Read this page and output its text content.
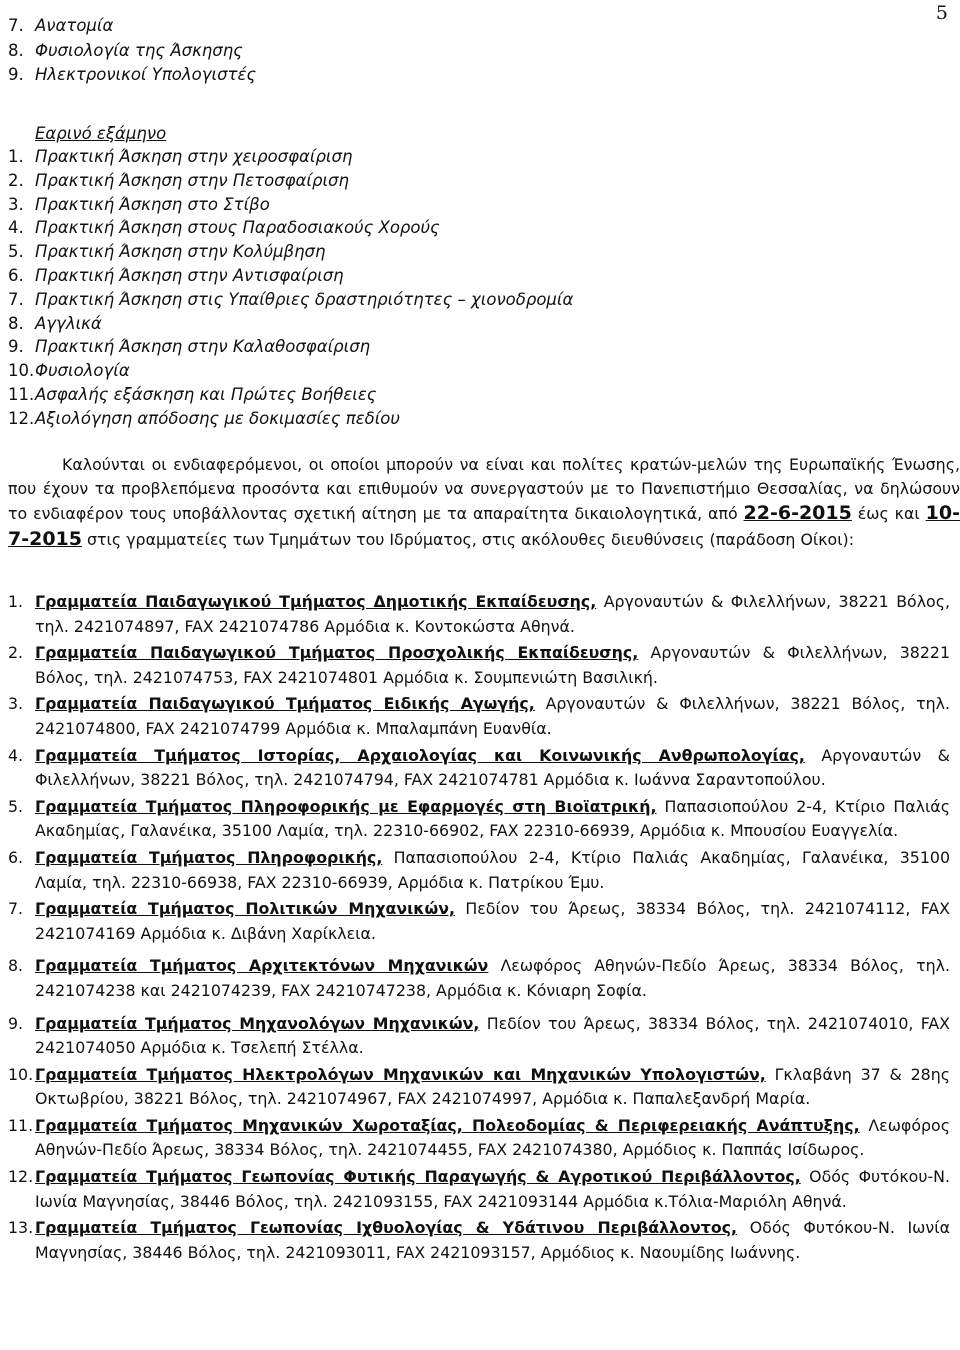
5
7. Ανατομία
8. Φυσιολογία της Άσκησης
9. Ηλεκτρονικοί Υπολογιστές
Εαρινό εξάμηνο
1. Πρακτική Άσκηση στην χειροσφαίριση
2. Πρακτική Άσκηση στην Πετοσφαίριση
3. Πρακτική Άσκηση στο Στίβο
4. Πρακτική Άσκηση στους Παραδοσιακούς Χορούς
5. Πρακτική Άσκηση στην Κολύμβηση
6. Πρακτική Άσκηση στην Αντισφαίριση
7. Πρακτική Άσκηση στις Υπαίθριες δραστηριότητες – χιονοδρομία
8. Αγγλικά
9. Πρακτική Άσκηση στην Καλαθοσφαίριση
10.Φυσιολογία
11.Ασφαλής εξάσκηση και Πρώτες Βοήθειες
12.Αξιολόγηση απόδοσης με δοκιμασίες πεδίου

Καλούνται οι ενδιαφερόμενοι, οι οποίοι μπορούν να είναι και πολίτες κρατών-μελών της Ευρωπαϊκής Ένωσης, που έχουν τα προβλεπόμενα προσόντα και επιθυμούν να συνεργαστούν με το Πανεπιστήμιο Θεσσαλίας, να δηλώσουν το ενδιαφέρον τους υποβάλλοντας σχετική αίτηση με τα απαραίτητα δικαιολογητικά, από 22-6-2015 έως και 10-7-2015 στις γραμματείες των Τμημάτων του Ιδρύματος, στις ακόλουθες διευθύνσεις (παράδοση Οίκοι):

1. Γραμματεία Παιδαγωγικού Τμήματος Δημοτικής Εκπαίδευσης, Αργοναυτών & Φιλελλήνων, 38221 Βόλος, τηλ. 2421074897, FAX 2421074786 Αρμόδια κ. Κοντοκώστα Αθηνά.
2. Γραμματεία Παιδαγωγικού Τμήματος Προσχολικής Εκπαίδευσης, Αργοναυτών & Φιλελλήνων, 38221 Βόλος, τηλ. 2421074753, FAX 2421074801 Αρμόδια κ. Σουμπενιώτη Βασιλική.
3. Γραμματεία Παιδαγωγικού Τμήματος Ειδικής Αγωγής, Αργοναυτών & Φιλελλήνων, 38221 Βόλος, τηλ. 2421074800, FAX 2421074799 Αρμόδια κ. Μπαλαμπάνη Ευανθία.
4. Γραμματεία Τμήματος Ιστορίας, Αρχαιολογίας και Κοινωνικής Ανθρωπολογίας, Αργοναυτών & Φιλελλήνων, 38221 Βόλος, τηλ. 2421074794, FAX 2421074781 Αρμόδια κ. Ιωάννα Σαραντοπούλου.
5. Γραμματεία Τμήματος Πληροφορικής με Εφαρμογές στη Βιοϊατρική, Παπασιοπούλου 2-4, Κτίριο Παλιάς Ακαδημίας, Γαλανέικα, 35100 Λαμία, τηλ. 22310-66902, FAX 22310-66939, Αρμόδια κ. Μπουσίου Ευαγγελία.
6. Γραμματεία Τμήματος Πληροφορικής, Παπασιοπούλου 2-4, Κτίριο Παλιάς Ακαδημίας, Γαλανέικα, 35100 Λαμία, τηλ. 22310-66938, FAX 22310-66939, Αρμόδια κ. Πατρίκου Έμυ.
7. Γραμματεία Τμήματος Πολιτικών Μηχανικών, Πεδίον του Άρεως, 38334 Βόλος, τηλ. 2421074112, FAX 2421074169 Αρμόδια κ. Διβάνη Χαρίκλεια.
8. Γραμματεία Τμήματος Αρχιτεκτόνων Μηχανικών Λεωφόρος Αθηνών-Πεδίο Άρεως, 38334 Βόλος, τηλ. 2421074238 και 2421074239, FAX 24210747238, Αρμόδια κ. Κόνιαρη Σοφία.
9. Γραμματεία Τμήματος Μηχανολόγων Μηχανικών, Πεδίον του Άρεως, 38334 Βόλος, τηλ. 2421074010, FAX 2421074050 Αρμόδια κ. Τσελεπή Στέλλα.
10. Γραμματεία Τμήματος Ηλεκτρολόγων Μηχανικών και Μηχανικών Υπολογιστών, Γκλαβάνη 37 & 28ης Οκτωβρίου, 38221 Βόλος, τηλ. 2421074967, FAX 2421074997, Αρμόδια κ. Παπαλεξανδρή Μαρία.
11. Γραμματεία Τμήματος Μηχανικών Χωροταξίας, Πολεοδομίας & Περιφερειακής Ανάπτυξης, Λεωφόρος Αθηνών-Πεδίο Άρεως, 38334 Βόλος, τηλ. 2421074455, FAX 2421074380, Αρμόδιος κ. Παππάς Ισίδωρος.
12. Γραμματεία Τμήματος Γεωπονίας Φυτικής Παραγωγής & Αγροτικού Περιβάλλοντος, Οδός Φυτόκου-Ν. Ιωνία Μαγνησίας, 38446 Βόλος, τηλ. 2421093155, FAX 2421093144 Αρμόδια κ.Τόλια-Μαριόλη Αθηνά.
13. Γραμματεία Τμήματος Γεωπονίας Ιχθυολογίας & Υδάτινου Περιβάλλοντος, Οδός Φυτόκου-Ν. Ιωνία Μαγνησίας, 38446 Βόλος, τηλ. 2421093011, FAX 2421093157, Αρμόδιος κ. Ναουμίδης Ιωάννης.
